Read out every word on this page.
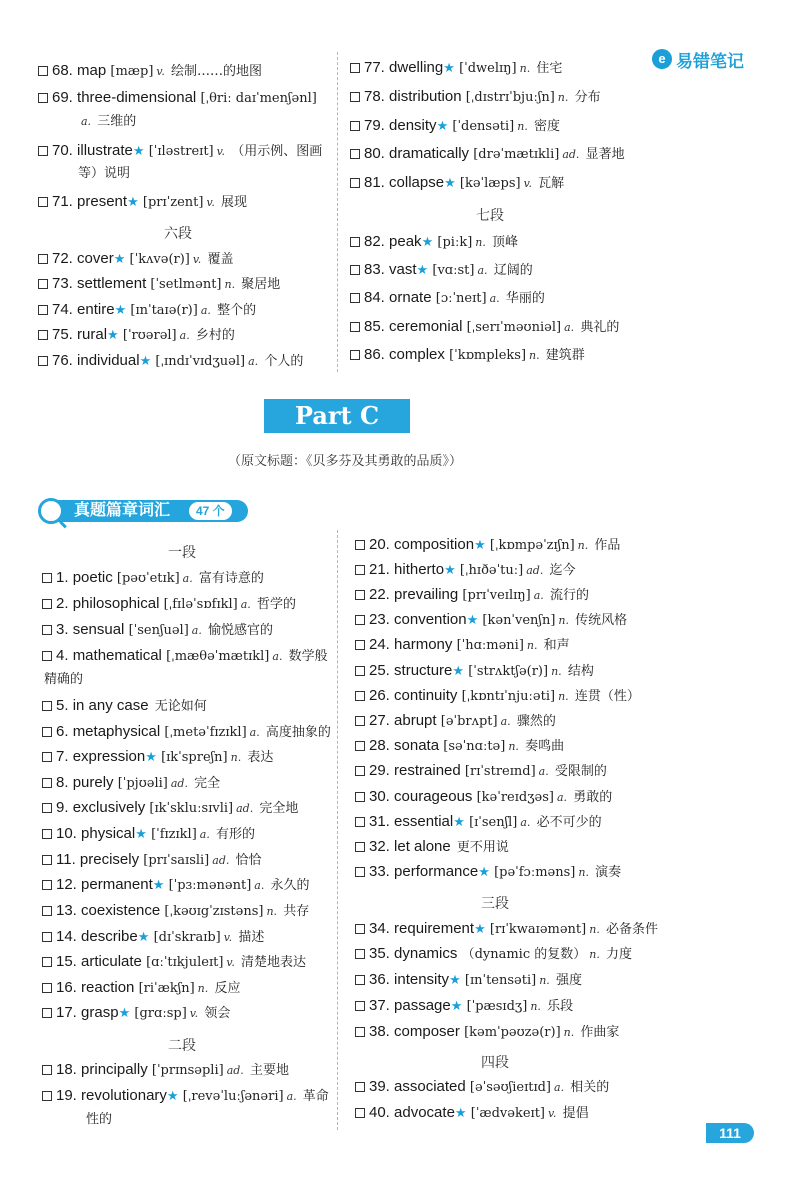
e 易错笔记
68. map [mæp] v. 绘制……的地图
69. three-dimensional [ˌθriː daɪˈmenʃənl]
a. 三维的
70. illustrate★ [ˈɪləstreɪt] v. （用示例、图画
等）说明
71. present★ [prɪˈzent] v. 展现
六段
72. cover★ [ˈkʌvə(r)] v. 覆盖
73. settlement [ˈsetlmənt] n. 聚居地
74. entire★ [ɪnˈtaɪə(r)] a. 整个的
75. rural★ [ˈrʊərəl] a. 乡村的
76. individual★ [ˌɪndɪˈvɪdʒuəl] a. 个人的
77. dwelling★ [ˈdwelɪŋ] n. 住宅
78. distribution [ˌdɪstrɪˈbjuːʃn] n. 分布
79. density★ [ˈdensəti] n. 密度
80. dramatically [drəˈmætɪkli] ad. 显著地
81. collapse★ [kəˈlæps] v. 瓦解
七段
82. peak★ [piːk] n. 顶峰
83. vast★ [vɑːst] a. 辽阔的
84. ornate [ɔːˈneɪt] a. 华丽的
85. ceremonial [ˌserɪˈməʊniəl] a. 典礼的
86. complex [ˈkɒmpleks] n. 建筑群
Part C
（原文标题：《贝多芬及其勇敢的品质》）
真题篇章词汇	47 个
一段
1. poetic [pəʊˈetɪk] a. 富有诗意的
2. philosophical [ˌfɪləˈsɒfɪkl] a. 哲学的
3. sensual [ˈsenʃuəl] a. 愉悦感官的
4. mathematical [ˌmæθəˈmætɪkl] a. 数学般
精确的
5. in any case 无论如何
6. metaphysical [ˌmetəˈfɪzɪkl] a. 高度抽象的
7. expression★ [ɪkˈspreʃn] n. 表达
8. purely [ˈpjʊəli] ad. 完全
9. exclusively [ɪkˈskluːsɪvli] ad. 完全地
10. physical★ [ˈfɪzɪkl] a. 有形的
11. precisely [prɪˈsaɪsli] ad. 恰恰
12. permanent★ [ˈpɜːmənənt] a. 永久的
13. coexistence [ˌkəʊɪgˈzɪstəns] n. 共存
14. describe★ [dɪˈskraɪb] v. 描述
15. articulate [ɑːˈtɪkjuleɪt] v. 清楚地表达
16. reaction [riˈækʃn] n. 反应
17. grasp★ [grɑːsp] v. 领会
二段
18. principally [ˈprɪnsəpli] ad. 主要地
19. revolutionary★ [ˌrevəˈluːʃənəri] a. 革命
性的
20. composition★ [ˌkɒmpəˈzɪʃn] n. 作品
21. hitherto★ [ˌhɪðəˈtuː] ad. 迄今
22. prevailing [prɪˈveɪlɪŋ] a. 流行的
23. convention★ [kənˈvenʃn] n. 传统风格
24. harmony [ˈhɑːməni] n. 和声
25. structure★ [ˈstrʌktʃə(r)] n. 结构
26. continuity [ˌkɒntɪˈnjuːəti] n. 连贯（性）
27. abrupt [əˈbrʌpt] a. 骤然的
28. sonata [səˈnɑːtə] n. 奏鸣曲
29. restrained [rɪˈstreɪnd] a. 受限制的
30. courageous [kəˈreɪdʒəs] a. 勇敢的
31. essential★ [ɪˈsenʃl] a. 必不可少的
32. let alone 更不用说
33. performance★ [pəˈfɔːməns] n. 演奏
三段
34. requirement★ [rɪˈkwaɪəmənt] n. 必备条件
35. dynamics （dynamic 的复数） n. 力度
36. intensity★ [ɪnˈtensəti] n. 强度
37. passage★ [ˈpæsɪdʒ] n. 乐段
38. composer [kəmˈpəʊzə(r)] n. 作曲家
四段
39. associated [əˈsəʊʃieɪtɪd] a. 相关的
40. advocate★ [ˈædvəkeɪt] v. 提倡
111
